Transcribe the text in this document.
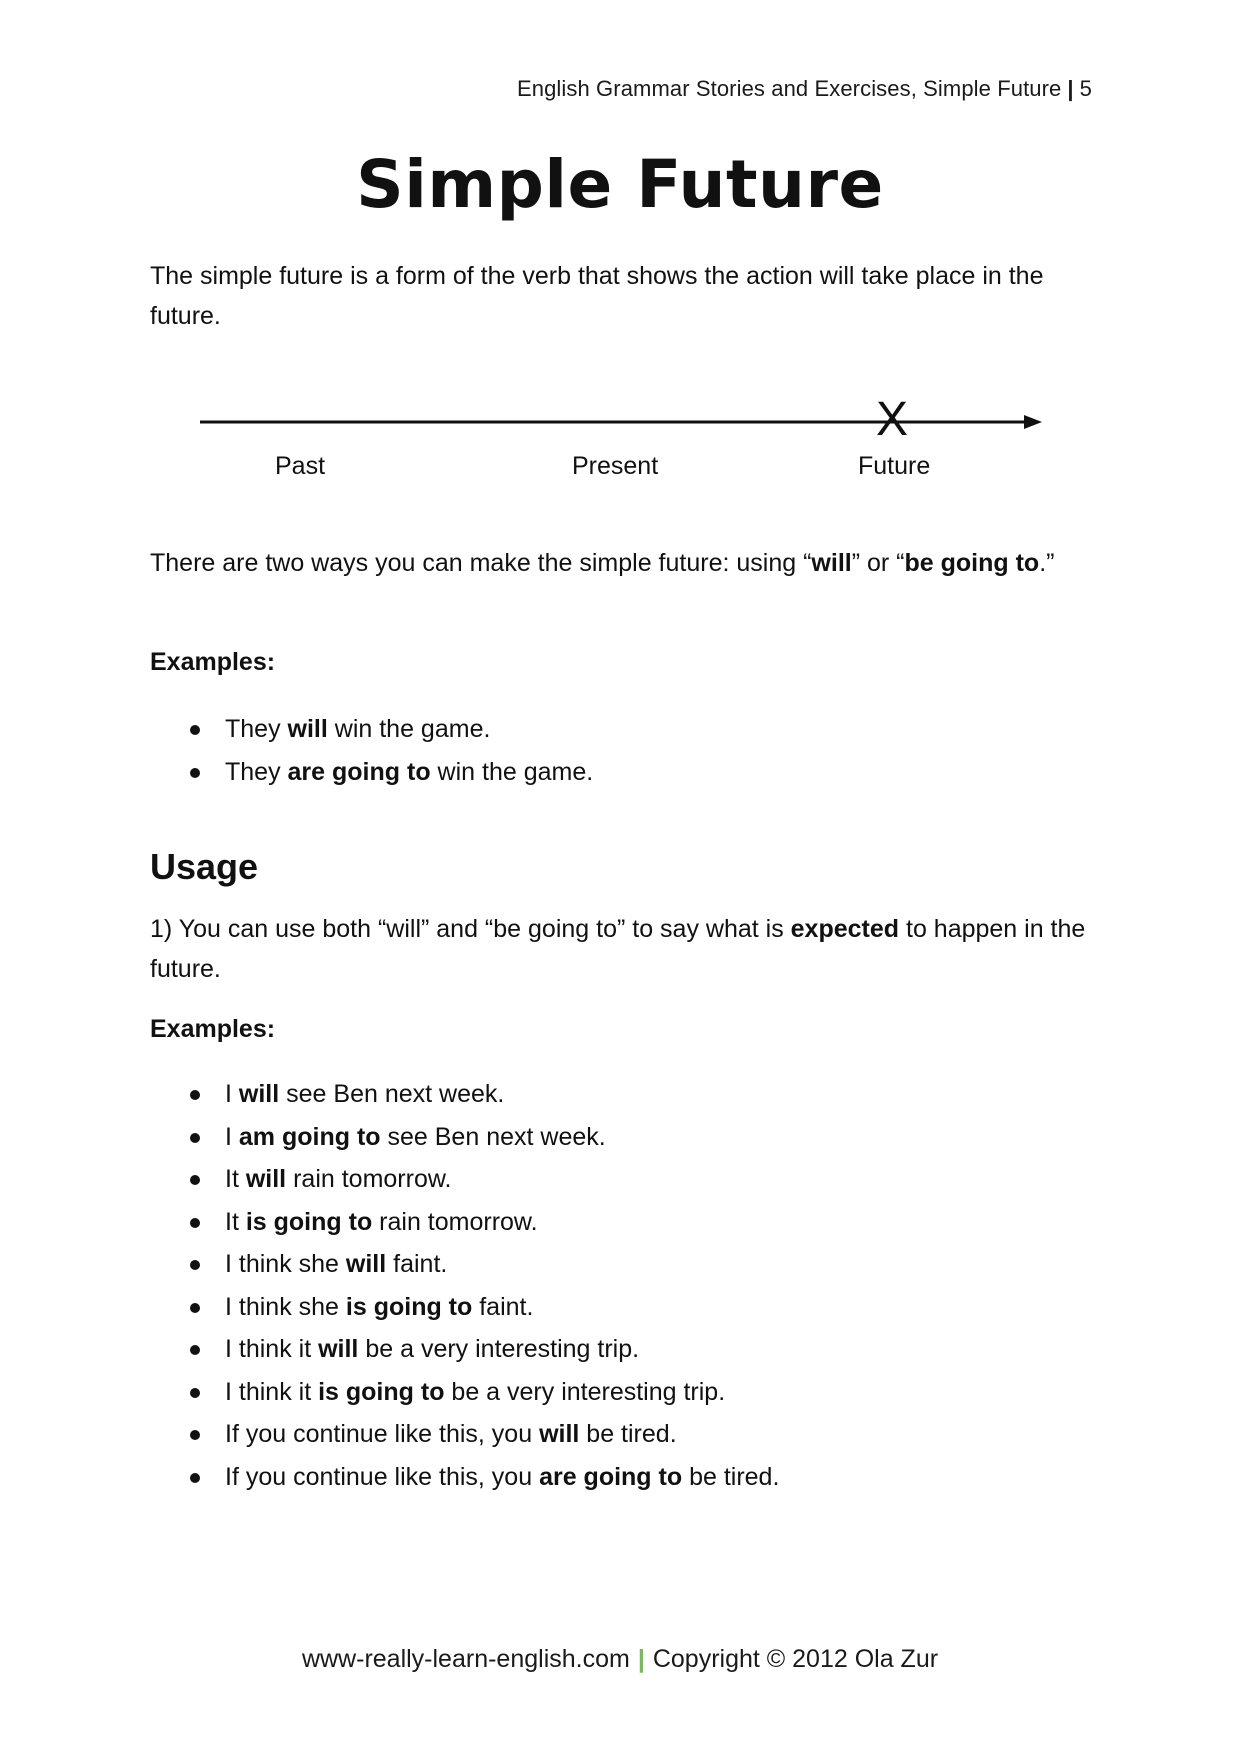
English Grammar Stories and Exercises, Simple Future | 5
Simple Future

The simple future is a form of the verb that shows the action will take place in the future.

Past	Present	Future
X

There are two ways you can make the simple future: using “will” or “be going to.”

Examples:

They will win the game.
They are going to win the game.
Usage

1) You can use both “will” and “be going to” to say what is expected to happen in the future.

Examples:

I will see Ben next week.
I am going to see Ben next week.
It will rain tomorrow.
It is going to rain tomorrow.
I think she will faint.
I think she is going to faint.
I think it will be a very interesting trip.
I think it is going to be a very interesting trip.
If you continue like this, you will be tired.
If you continue like this, you are going to be tired.
www-really-learn-english.com | Copyright © 2012 Ola Zur
